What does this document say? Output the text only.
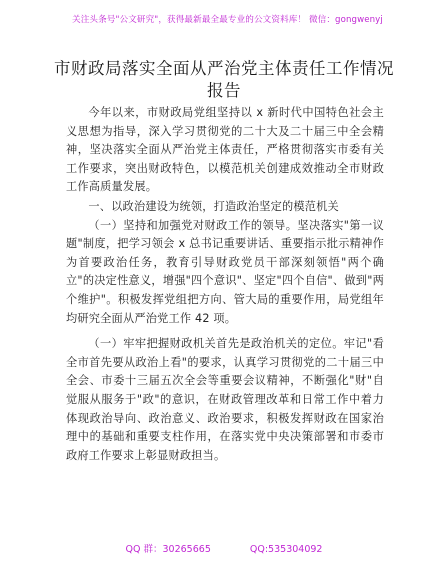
关注头条号"公文研究"，获得最新最全最专业的公文资料库！ 微信：gongwenyj
市财政局落实全面从严治党主体责任工作情况
报告

今年以来，市财政局党组坚持以 x 新时代中国特色社会主义思想为指导，深入学习贯彻党的二十大及二十届三中全会精神，坚决落实全面从严治党主体责任，严格贯彻落实市委有关工作要求，突出财政特色，以模范机关创建成效推动全市财政工作高质量发展。

一、以政治建设为统领，打造政治坚定的模范机关

（一）坚持和加强党对财政工作的领导。坚决落实"第一议题"制度，把学习领会 x 总书记重要讲话、重要指示批示精神作为首要政治任务，教育引导财政党员干部深刻领悟"两个确立"的决定性意义，增强"四个意识"、坚定"四个自信"、做到"两个维护"。积极发挥党组把方向、管大局的重要作用，局党组年均研究全面从严治党工作 42 项。

（一）牢牢把握财政机关首先是政治机关的定位。牢记"看全市首先要从政治上看"的要求，认真学习贯彻党的二十届三中全会、市委十三届五次全会等重要会议精神，不断强化"财"自觉服从服务于"政"的意识，在财政管理改革和日常工作中着力体现政治导向、政治意义、政治要求，积极发挥财政在国家治理中的基础和重要支柱作用，在落实党中央决策部署和市委市政府工作要求上彰显财政担当。

QQ 群：30265665	QQ:535304092
